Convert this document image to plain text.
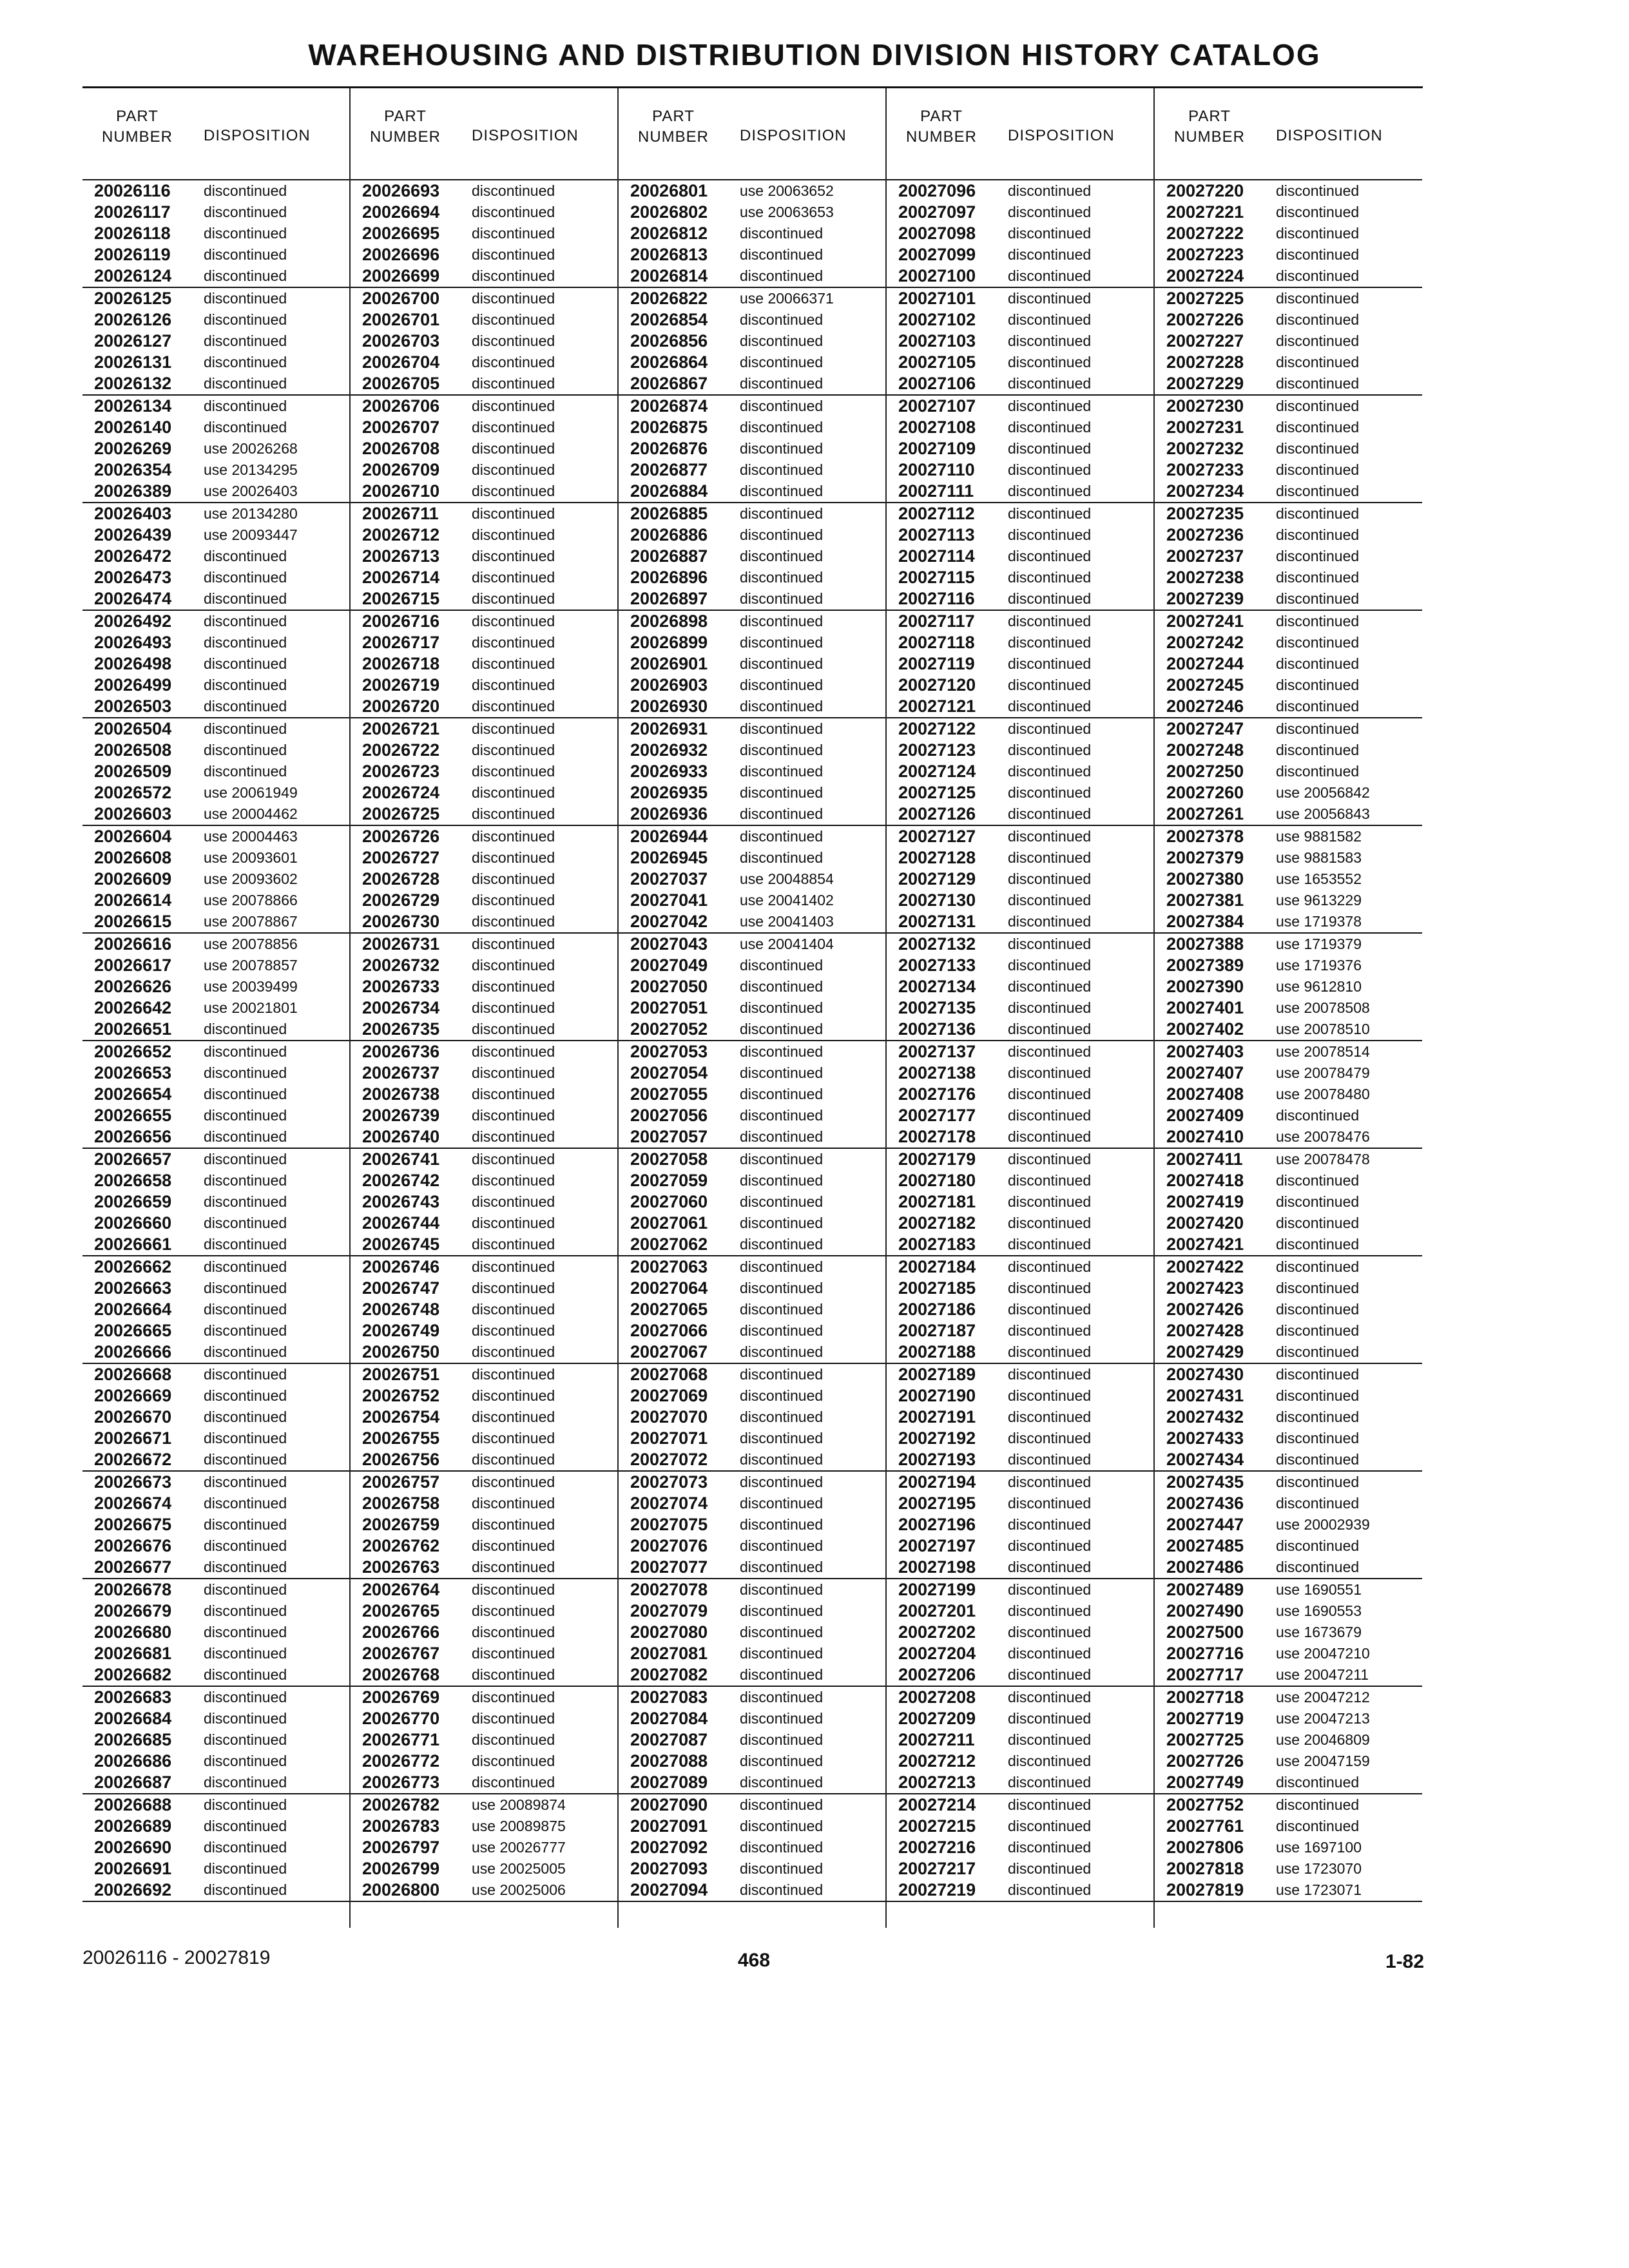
WAREHOUSING AND DISTRIBUTION DIVISION HISTORY CATALOG
PART
NUMBER	DISPOSITION
20026116 discontinued
20026117 discontinued
20026118 discontinued
20026119 discontinued
20026124 discontinued
20026125 discontinued
20026126 discontinued
20026127 discontinued
20026131 discontinued
20026132 discontinued
20026134 discontinued
20026140 discontinued
20026269 use 20026268
20026354 use 20134295
20026389 use 20026403
20026403 use 20134280
20026439 use 20093447
20026472 discontinued
20026473 discontinued
20026474 discontinued
20026492 discontinued
20026493 discontinued
20026498 discontinued
20026499 discontinued
20026503 discontinued
20026504 discontinued
20026508 discontinued
20026509 discontinued
20026572 use 20061949
20026603 use 20004462
20026604 use 20004463
20026608 use 20093601
20026609 use 20093602
20026614 use 20078866
20026615 use 20078867
20026616 use 20078856
20026617 use 20078857
20026626 use 20039499
20026642 use 20021801
20026651 discontinued
20026652 discontinued
20026653 discontinued
20026654 discontinued
20026655 discontinued
20026656 discontinued
20026657 discontinued
20026658 discontinued
20026659 discontinued
20026660 discontinued
20026661 discontinued
20026662 discontinued
20026663 discontinued
20026664 discontinued
20026665 discontinued
20026666 discontinued
20026668 discontinued
20026669 discontinued
20026670 discontinued
20026671 discontinued
20026672 discontinued
20026673 discontinued
20026674 discontinued
20026675 discontinued
20026676 discontinued
20026677 discontinued
20026678 discontinued
20026679 discontinued
20026680 discontinued
20026681 discontinued
20026682 discontinued
20026683 discontinued
20026684 discontinued
20026685 discontinued
20026686 discontinued
20026687 discontinued
20026688 discontinued
20026689 discontinued
20026690 discontinued
20026691 discontinued
20026692 discontinued
PART
NUMBER	DISPOSITION
20026693 discontinued
20026694 discontinued
20026695 discontinued
20026696 discontinued
20026699 discontinued
20026700 discontinued
20026701 discontinued
20026703 discontinued
20026704 discontinued
20026705 discontinued
20026706 discontinued
20026707 discontinued
20026708 discontinued
20026709 discontinued
20026710 discontinued
20026711 discontinued
20026712 discontinued
20026713 discontinued
20026714 discontinued
20026715 discontinued
20026716 discontinued
20026717 discontinued
20026718 discontinued
20026719 discontinued
20026720 discontinued
20026721 discontinued
20026722 discontinued
20026723 discontinued
20026724 discontinued
20026725 discontinued
20026726 discontinued
20026727 discontinued
20026728 discontinued
20026729 discontinued
20026730 discontinued
20026731 discontinued
20026732 discontinued
20026733 discontinued
20026734 discontinued
20026735 discontinued
20026736 discontinued
20026737 discontinued
20026738 discontinued
20026739 discontinued
20026740 discontinued
20026741 discontinued
20026742 discontinued
20026743 discontinued
20026744 discontinued
20026745 discontinued
20026746 discontinued
20026747 discontinued
20026748 discontinued
20026749 discontinued
20026750 discontinued
20026751 discontinued
20026752 discontinued
20026754 discontinued
20026755 discontinued
20026756 discontinued
20026757 discontinued
20026758 discontinued
20026759 discontinued
20026762 discontinued
20026763 discontinued
20026764 discontinued
20026765 discontinued
20026766 discontinued
20026767 discontinued
20026768 discontinued
20026769 discontinued
20026770 discontinued
20026771 discontinued
20026772 discontinued
20026773 discontinued
20026782 use 20089874
20026783 use 20089875
20026797 use 20026777
20026799 use 20025005
20026800 use 20025006
PART
NUMBER	DISPOSITION
20026801 use 20063652
20026802 use 20063653
20026812 discontinued
20026813 discontinued
20026814 discontinued
20026822 use 20066371
20026854 discontinued
20026856 discontinued
20026864 discontinued
20026867 discontinued
20026874 discontinued
20026875 discontinued
20026876 discontinued
20026877 discontinued
20026884 discontinued
20026885 discontinued
20026886 discontinued
20026887 discontinued
20026896 discontinued
20026897 discontinued
20026898 discontinued
20026899 discontinued
20026901 discontinued
20026903 discontinued
20026930 discontinued
20026931 discontinued
20026932 discontinued
20026933 discontinued
20026935 discontinued
20026936 discontinued
20026944 discontinued
20026945 discontinued
20027037 use 20048854
20027041 use 20041402
20027042 use 20041403
20027043 use 20041404
20027049 discontinued
20027050 discontinued
20027051 discontinued
20027052 discontinued
20027053 discontinued
20027054 discontinued
20027055 discontinued
20027056 discontinued
20027057 discontinued
20027058 discontinued
20027059 discontinued
20027060 discontinued
20027061 discontinued
20027062 discontinued
20027063 discontinued
20027064 discontinued
20027065 discontinued
20027066 discontinued
20027067 discontinued
20027068 discontinued
20027069 discontinued
20027070 discontinued
20027071 discontinued
20027072 discontinued
20027073 discontinued
20027074 discontinued
20027075 discontinued
20027076 discontinued
20027077 discontinued
20027078 discontinued
20027079 discontinued
20027080 discontinued
20027081 discontinued
20027082 discontinued
20027083 discontinued
20027084 discontinued
20027087 discontinued
20027088 discontinued
20027089 discontinued
20027090 discontinued
20027091 discontinued
20027092 discontinued
20027093 discontinued
20027094 discontinued
PART
NUMBER	DISPOSITION
20027096 discontinued
20027097 discontinued
20027098 discontinued
20027099 discontinued
20027100 discontinued
20027101 discontinued
20027102 discontinued
20027103 discontinued
20027105 discontinued
20027106 discontinued
20027107 discontinued
20027108 discontinued
20027109 discontinued
20027110 discontinued
20027111 discontinued
20027112 discontinued
20027113 discontinued
20027114 discontinued
20027115 discontinued
20027116 discontinued
20027117 discontinued
20027118 discontinued
20027119 discontinued
20027120 discontinued
20027121 discontinued
20027122 discontinued
20027123 discontinued
20027124 discontinued
20027125 discontinued
20027126 discontinued
20027127 discontinued
20027128 discontinued
20027129 discontinued
20027130 discontinued
20027131 discontinued
20027132 discontinued
20027133 discontinued
20027134 discontinued
20027135 discontinued
20027136 discontinued
20027137 discontinued
20027138 discontinued
20027176 discontinued
20027177 discontinued
20027178 discontinued
20027179 discontinued
20027180 discontinued
20027181 discontinued
20027182 discontinued
20027183 discontinued
20027184 discontinued
20027185 discontinued
20027186 discontinued
20027187 discontinued
20027188 discontinued
20027189 discontinued
20027190 discontinued
20027191 discontinued
20027192 discontinued
20027193 discontinued
20027194 discontinued
20027195 discontinued
20027196 discontinued
20027197 discontinued
20027198 discontinued
20027199 discontinued
20027201 discontinued
20027202 discontinued
20027204 discontinued
20027206 discontinued
20027208 discontinued
20027209 discontinued
20027211 discontinued
20027212 discontinued
20027213 discontinued
20027214 discontinued
20027215 discontinued
20027216 discontinued
20027217 discontinued
20027219 discontinued
PART
NUMBER	DISPOSITION
20027220 discontinued
20027221 discontinued
20027222 discontinued
20027223 discontinued
20027224 discontinued
20027225 discontinued
20027226 discontinued
20027227 discontinued
20027228 discontinued
20027229 discontinued
20027230 discontinued
20027231 discontinued
20027232 discontinued
20027233 discontinued
20027234 discontinued
20027235 discontinued
20027236 discontinued
20027237 discontinued
20027238 discontinued
20027239 discontinued
20027241 discontinued
20027242 discontinued
20027244 discontinued
20027245 discontinued
20027246 discontinued
20027247 discontinued
20027248 discontinued
20027250 discontinued
20027260 use 20056842
20027261 use 20056843
20027378 use 9881582
20027379 use 9881583
20027380 use 1653552
20027381 use 9613229
20027384 use 1719378
20027388 use 1719379
20027389 use 1719376
20027390 use 9612810
20027401 use 20078508
20027402 use 20078510
20027403 use 20078514
20027407 use 20078479
20027408 use 20078480
20027409 discontinued
20027410 use 20078476
20027411 use 20078478
20027418 discontinued
20027419 discontinued
20027420 discontinued
20027421 discontinued
20027422 discontinued
20027423 discontinued
20027426 discontinued
20027428 discontinued
20027429 discontinued
20027430 discontinued
20027431 discontinued
20027432 discontinued
20027433 discontinued
20027434 discontinued
20027435 discontinued
20027436 discontinued
20027447 use 20002939
20027485 discontinued
20027486 discontinued
20027489 use 1690551
20027490 use 1690553
20027500 use 1673679
20027716 use 20047210
20027717 use 20047211
20027718 use 20047212
20027719 use 20047213
20027725 use 20046809
20027726 use 20047159
20027749 discontinued
20027752 discontinued
20027761 discontinued
20027806 use 1697100
20027818 use 1723070
20027819 use 1723071
20026116 - 20027819	468	1-82
